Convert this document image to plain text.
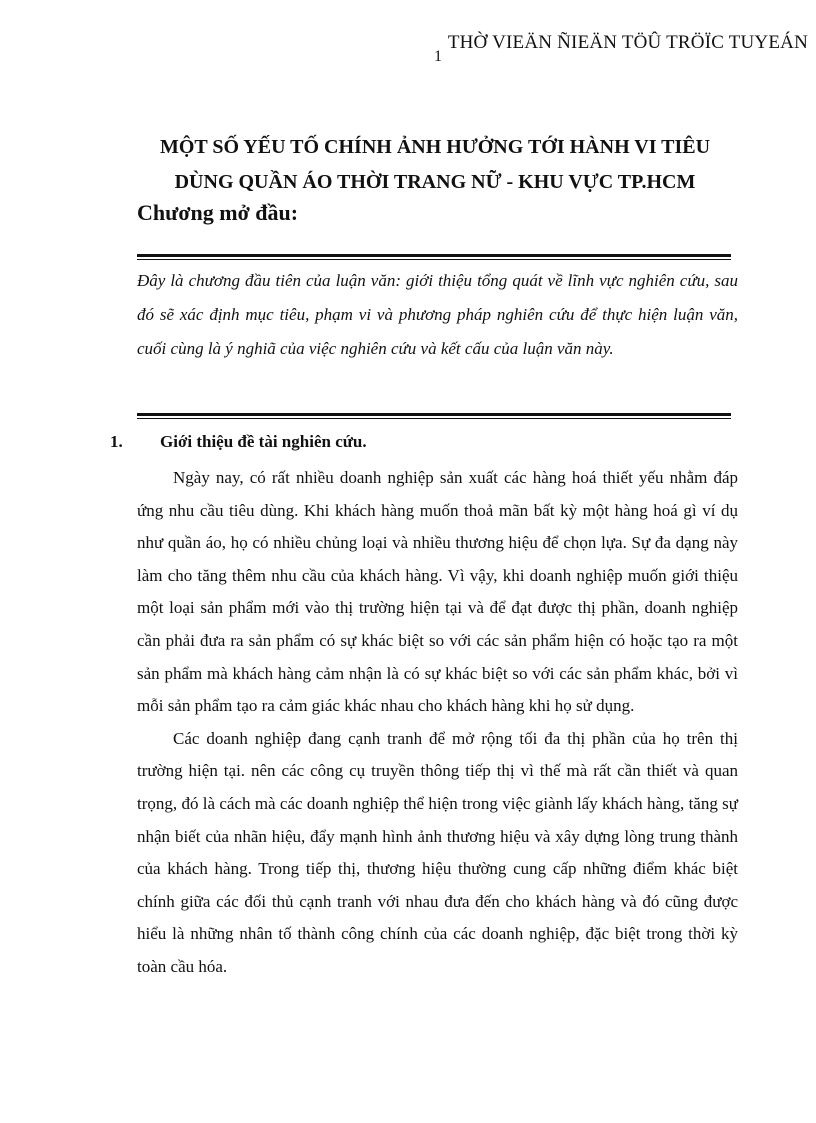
THỜ VIEÄN ÑIEÄN TÖÛ TRÖÏC TUYEÁN
1
MỘT SỐ YẾU TỐ CHÍNH ẢNH HƯỞNG TỚI HÀNH VI TIÊU
DÙNG QUẦN ÁO THỜI TRANG NỮ - KHU VỰC TP.HCM
Chương mở đầu:

Đây là chương đầu tiên của luận văn: giới thiệu tổng quát về lĩnh vực nghiên cứu, sau đó sẽ xác định mục tiêu, phạm vi và phương pháp nghiên cứu để thực hiện luận văn, cuối cùng là ý nghiã của việc nghiên cứu và kết cấu của luận văn này.

1. Giới thiệu đề tài nghiên cứu.

Ngày nay, có rất nhiều doanh nghiệp sản xuất các hàng hoá thiết yếu nhằm đáp ứng nhu cầu tiêu dùng. Khi khách hàng muốn thoả mãn bất kỳ một hàng hoá gì ví dụ như quần áo, họ có nhiều chủng loại và nhiều thương hiệu để chọn lựa. Sự đa dạng này làm cho tăng thêm nhu cầu của khách hàng. Vì vậy, khi doanh nghiệp muốn giới thiệu một loại sản phẩm mới vào thị trường hiện tại và để đạt được thị phần, doanh nghiệp cần phải đưa ra sản phẩm có sự khác biệt so với các sản phẩm hiện có hoặc tạo ra một sản phẩm mà khách hàng cảm nhận là có sự khác biệt so với các sản phẩm khác, bởi vì mỗi sản phẩm tạo ra cảm giác khác nhau cho khách hàng khi họ sử dụng.

Các doanh nghiệp đang cạnh tranh để mở rộng tối đa thị phần của họ trên thị trường hiện tại. nên các công cụ truyền thông tiếp thị vì thế mà rất cần thiết và quan trọng, đó là cách mà các doanh nghiệp thể hiện trong việc giành lấy khách hàng, tăng sự nhận biết của nhãn hiệu, đẩy mạnh hình ảnh thương hiệu và xây dựng lòng trung thành của khách hàng. Trong tiếp thị, thương hiệu thường cung cấp những điểm khác biệt chính giữa các đối thủ cạnh tranh với nhau đưa đến cho khách hàng và đó cũng được hiểu là những nhân tố thành công chính của các doanh nghiệp, đặc biệt trong thời kỳ toàn cầu hóa.
